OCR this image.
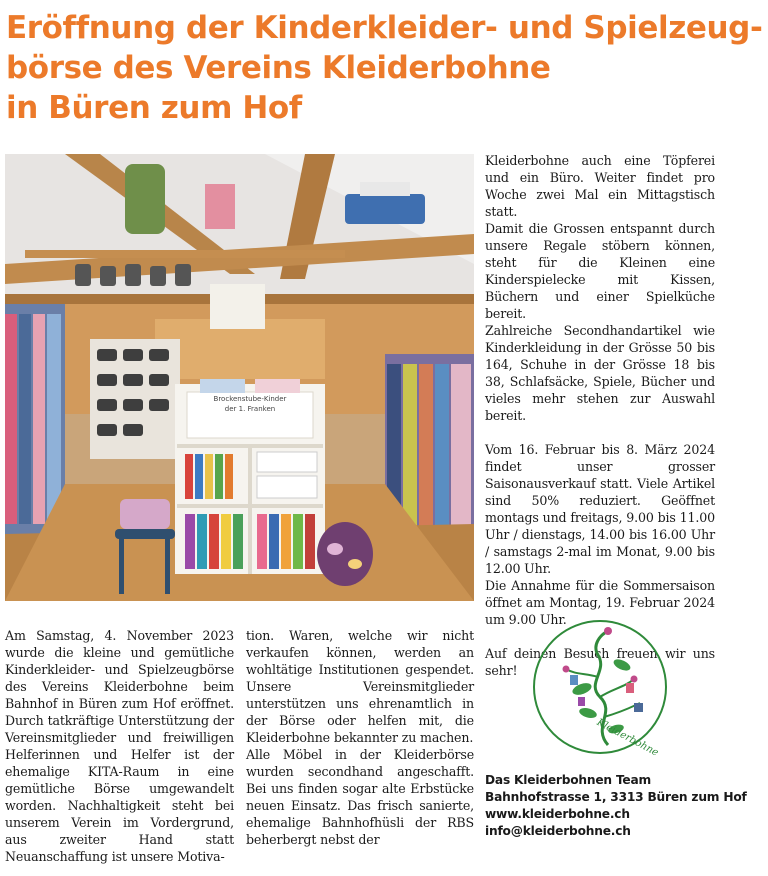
Eröffnung der Kinderkleider- und Spielzeug-
börse des Vereins Kleiderbohne
in Büren zum Hof
Brockenstube-Kinder
der 1. Franken

Kleiderbohne auch eine Töpferei und ein Büro. Weiter findet pro Woche zwei Mal ein Mittagstisch statt.

Damit die Grossen entspannt durch unsere Regale stöbern können, steht für die Kleinen eine Kinderspielecke mit Kissen, Büchern und einer Spielküche bereit.

Zahlreiche Secondhandartikel wie Kinderkleidung in der Grösse 50 bis 164, Schuhe in der Grösse 18 bis 38, Schlafsäcke, Spiele, Bücher und vieles mehr stehen zur Auswahl bereit.

Vom 16. Februar bis 8. März 2024 findet unser grosser Saisonausverkauf statt. Viele Artikel sind 50% reduziert. Geöffnet montags und freitags, 9.00 bis 11.00 Uhr / dienstags, 14.00 bis 16.00 Uhr / samstags 2-mal im Monat, 9.00 bis 12.00 Uhr.

Die Annahme für die Sommersaison öffnet am Montag, 19. Februar 2024 um 9.00 Uhr.

Auf deinen Besuch freuen wir uns sehr!

Am Samstag, 4. November 2023 wurde die kleine und gemütliche Kinderkleider- und Spielzeugbörse des Vereins Kleiderbohne beim Bahnhof in Büren zum Hof eröffnet. Durch tatkräftige Unterstützung der Vereinsmitglieder und freiwilligen Helferinnen und Helfer ist der ehemalige KITA-Raum in eine gemütliche Börse umgewandelt worden. Nachhaltigkeit steht bei unserem Verein im Vordergrund, aus zweiter Hand statt Neuanschaffung ist unsere Motiva-

tion. Waren, welche wir nicht verkaufen können, werden an wohltätige Institutionen gespendet. Unsere Vereinsmitglieder unterstützen uns ehrenamtlich in der Börse oder helfen mit, die Kleiderbohne bekannter zu machen.

Alle Möbel in der Kleiderbörse wurden secondhand angeschafft. Bei uns finden sogar alte Erbstücke neuen Einsatz. Das frisch sanierte, ehemalige Bahnhofhüsli der RBS beherbergt nebst der

Kleiderbohne
Das Kleiderbohnen Team
Bahnhofstrasse 1, 3313 Büren zum Hof
www.kleiderbohne.ch
info@kleiderbohne.ch
